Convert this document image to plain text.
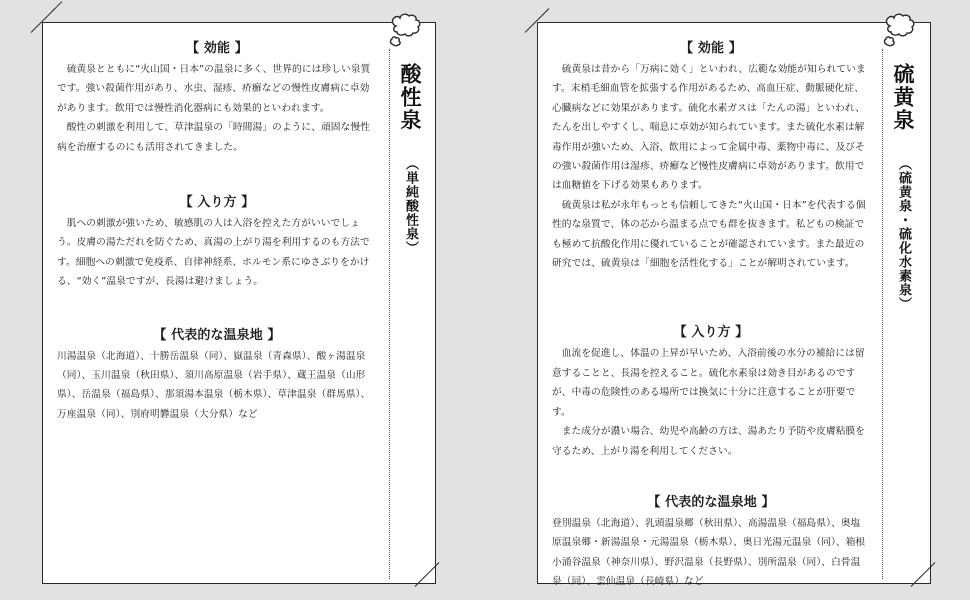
【 効能 】

硫黄泉とともに“火山国・日本”の温泉に多く、世界的には珍しい泉質です。強い殺菌作用があり、水虫、湿疹、疥癬などの慢性皮膚病に卓効があります。飲用では慢性消化器病にも効果的といわれます。

酸性の刺激を利用して、草津温泉の「時間湯」のように、頑固な慢性病を治療するのにも活用されてきました。

【 入り方 】

肌への刺激が強いため、敏感肌の人は入浴を控えた方がいいでしょう。皮膚の湯ただれを防ぐため、真湯の上がり湯を利用するのも方法です。細胞への刺激で免疫系、自律神経系、ホルモン系にゆさぶりをかける、“効く”温泉ですが、長湯は避けましょう。

【 代表的な温泉地 】

川湯温泉（北海道）、十勝岳温泉（同）、嶽温泉（青森県）、酸ヶ湯温泉（同）、玉川温泉（秋田県）、須川高原温泉（岩手県）、蔵王温泉（山形県）、岳温泉（福島県）、那須湯本温泉（栃木県）、草津温泉（群馬県）、万座温泉（同）、別府明礬温泉（大分県）など

酸性泉 （単純酸性泉）
【 効能 】

硫黄泉は昔から「万病に効く」といわれ、広範な効能が知られています。末梢毛細血管を拡張する作用があるため、高血圧症、動脈硬化症、心臓病などに効果があります。硫化水素ガスは「たんの湯」といわれ、たんを出しやすくし、喘息に卓効が知られています。また硫化水素は解毒作用が強いため、入浴、飲用によって金属中毒、薬物中毒に、及びその強い殺菌作用は湿疹、疥癬など慢性皮膚病に卓効があります。飲用では血糖値を下げる効果もあります。

硫黄泉は私が永年もっとも信頼してきた“火山国・日本”を代表する個性的な泉質で、体の芯から温まる点でも群を抜きます。私どもの検証でも極めて抗酸化作用に優れていることが確認されています。また最近の研究では、硫黄泉は「細胞を活性化する」ことが解明されています。

【 入り方 】

血流を促進し、体温の上昇が早いため、入浴前後の水分の補給には留意することと、長湯を控えること。硫化水素泉は効き目があるのですが、中毒の危険性のある場所では換気に十分に注意することが肝要です。

また成分が濃い場合、幼児や高齢の方は、湯あたり予防や皮膚粘膜を守るため、上がり湯を利用してください。

【 代表的な温泉地 】

登別温泉（北海道）、乳頭温泉郷（秋田県）、高湯温泉（福島県）、奥塩原温泉郷・新湯温泉・元湯温泉（栃木県）、奥日光湯元温泉（同）、箱根小涌谷温泉（神奈川県）、野沢温泉（長野県）、別所温泉（同）、白骨温泉（同）、雲仙温泉（長崎県）など

硫黄泉 （硫黄泉・硫化水素泉）
